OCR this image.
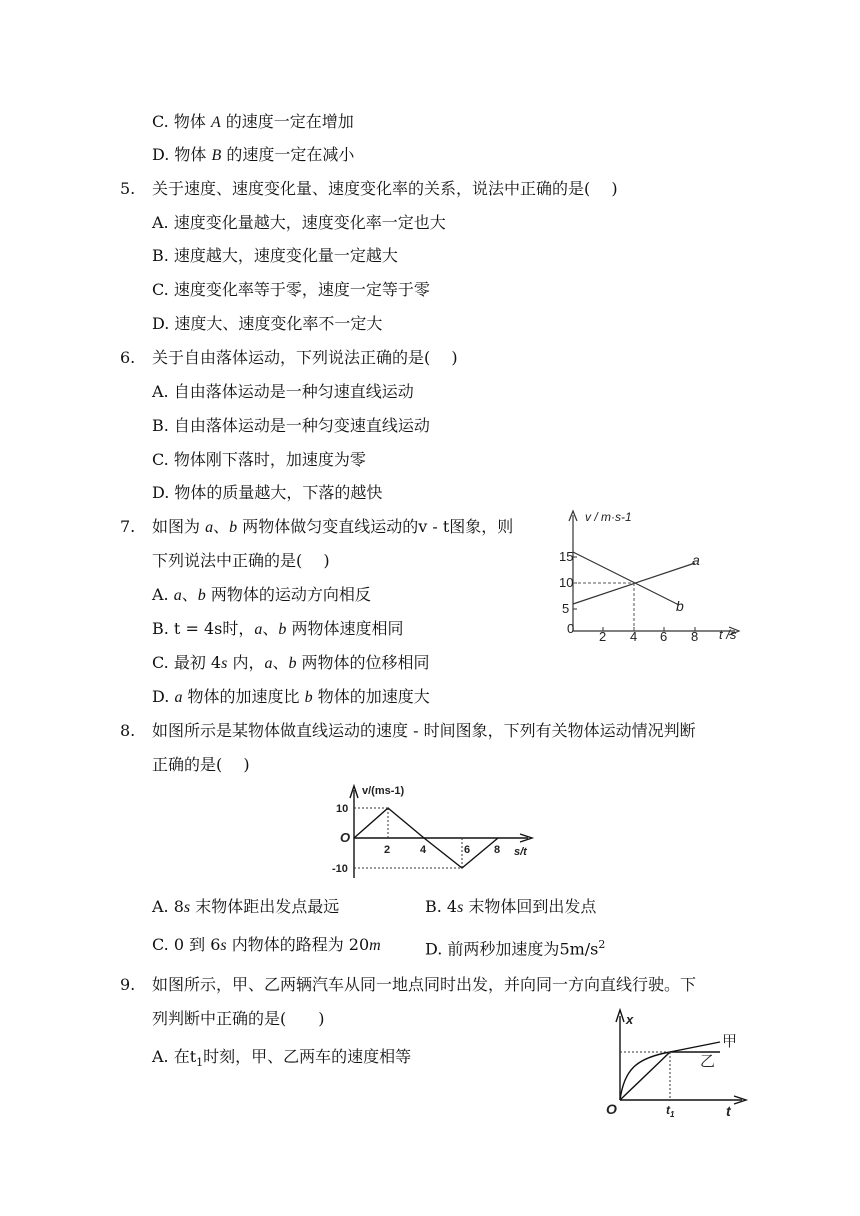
C. 物体 A 的速度一定在增加
D. 物体 B 的速度一定在减小
5. 关于速度、速度变化量、速度变化率的关系，说法中正确的是(　 )
A. 速度变化量越大，速度变化率一定也大
B. 速度越大，速度变化量一定越大
C. 速度变化率等于零，速度一定等于零
D. 速度大、速度变化率不一定大
6. 关于自由落体运动，下列说法正确的是(　 )
A. 自由落体运动是一种匀速直线运动
B. 自由落体运动是一种匀变速直线运动
C. 物体刚下落时，加速度为零
D. 物体的质量越大，下落的越快
7. 如图为 a、b 两物体做匀变直线运动的v - t图象，则
下列说法中正确的是(　 )
A. a、b 两物体的运动方向相反
B. t = 4s时，a、b 两物体速度相同
C. 最初 4s 内，a、b 两物体的位移相同
D. a 物体的加速度比 b 物体的加速度大
v / m·s-1
t /s
15
10
5
0
2 4 6 8
a
b
8. 如图所示是某物体做直线运动的速度 - 时间图象，下列有关物体运动情况判断
正确的是(　 )
v/(ms-1)
s/t
O
10
-10
2	4	6 8
A. 8s 末物体距出发点最远	B. 4s 末物体回到出发点
C. 0 到 6s 内物体的路程为 20m	D. 前两秒加速度为$5m/s^2$
9. 如图所示，甲、乙两辆汽车从同一地点同时出发，并向同一方向直线行驶。下
列判断中正确的是(　　)
A. 在$t_1$时刻，甲、乙两车的速度相等
x
t
O	$t_1$
甲
乙
